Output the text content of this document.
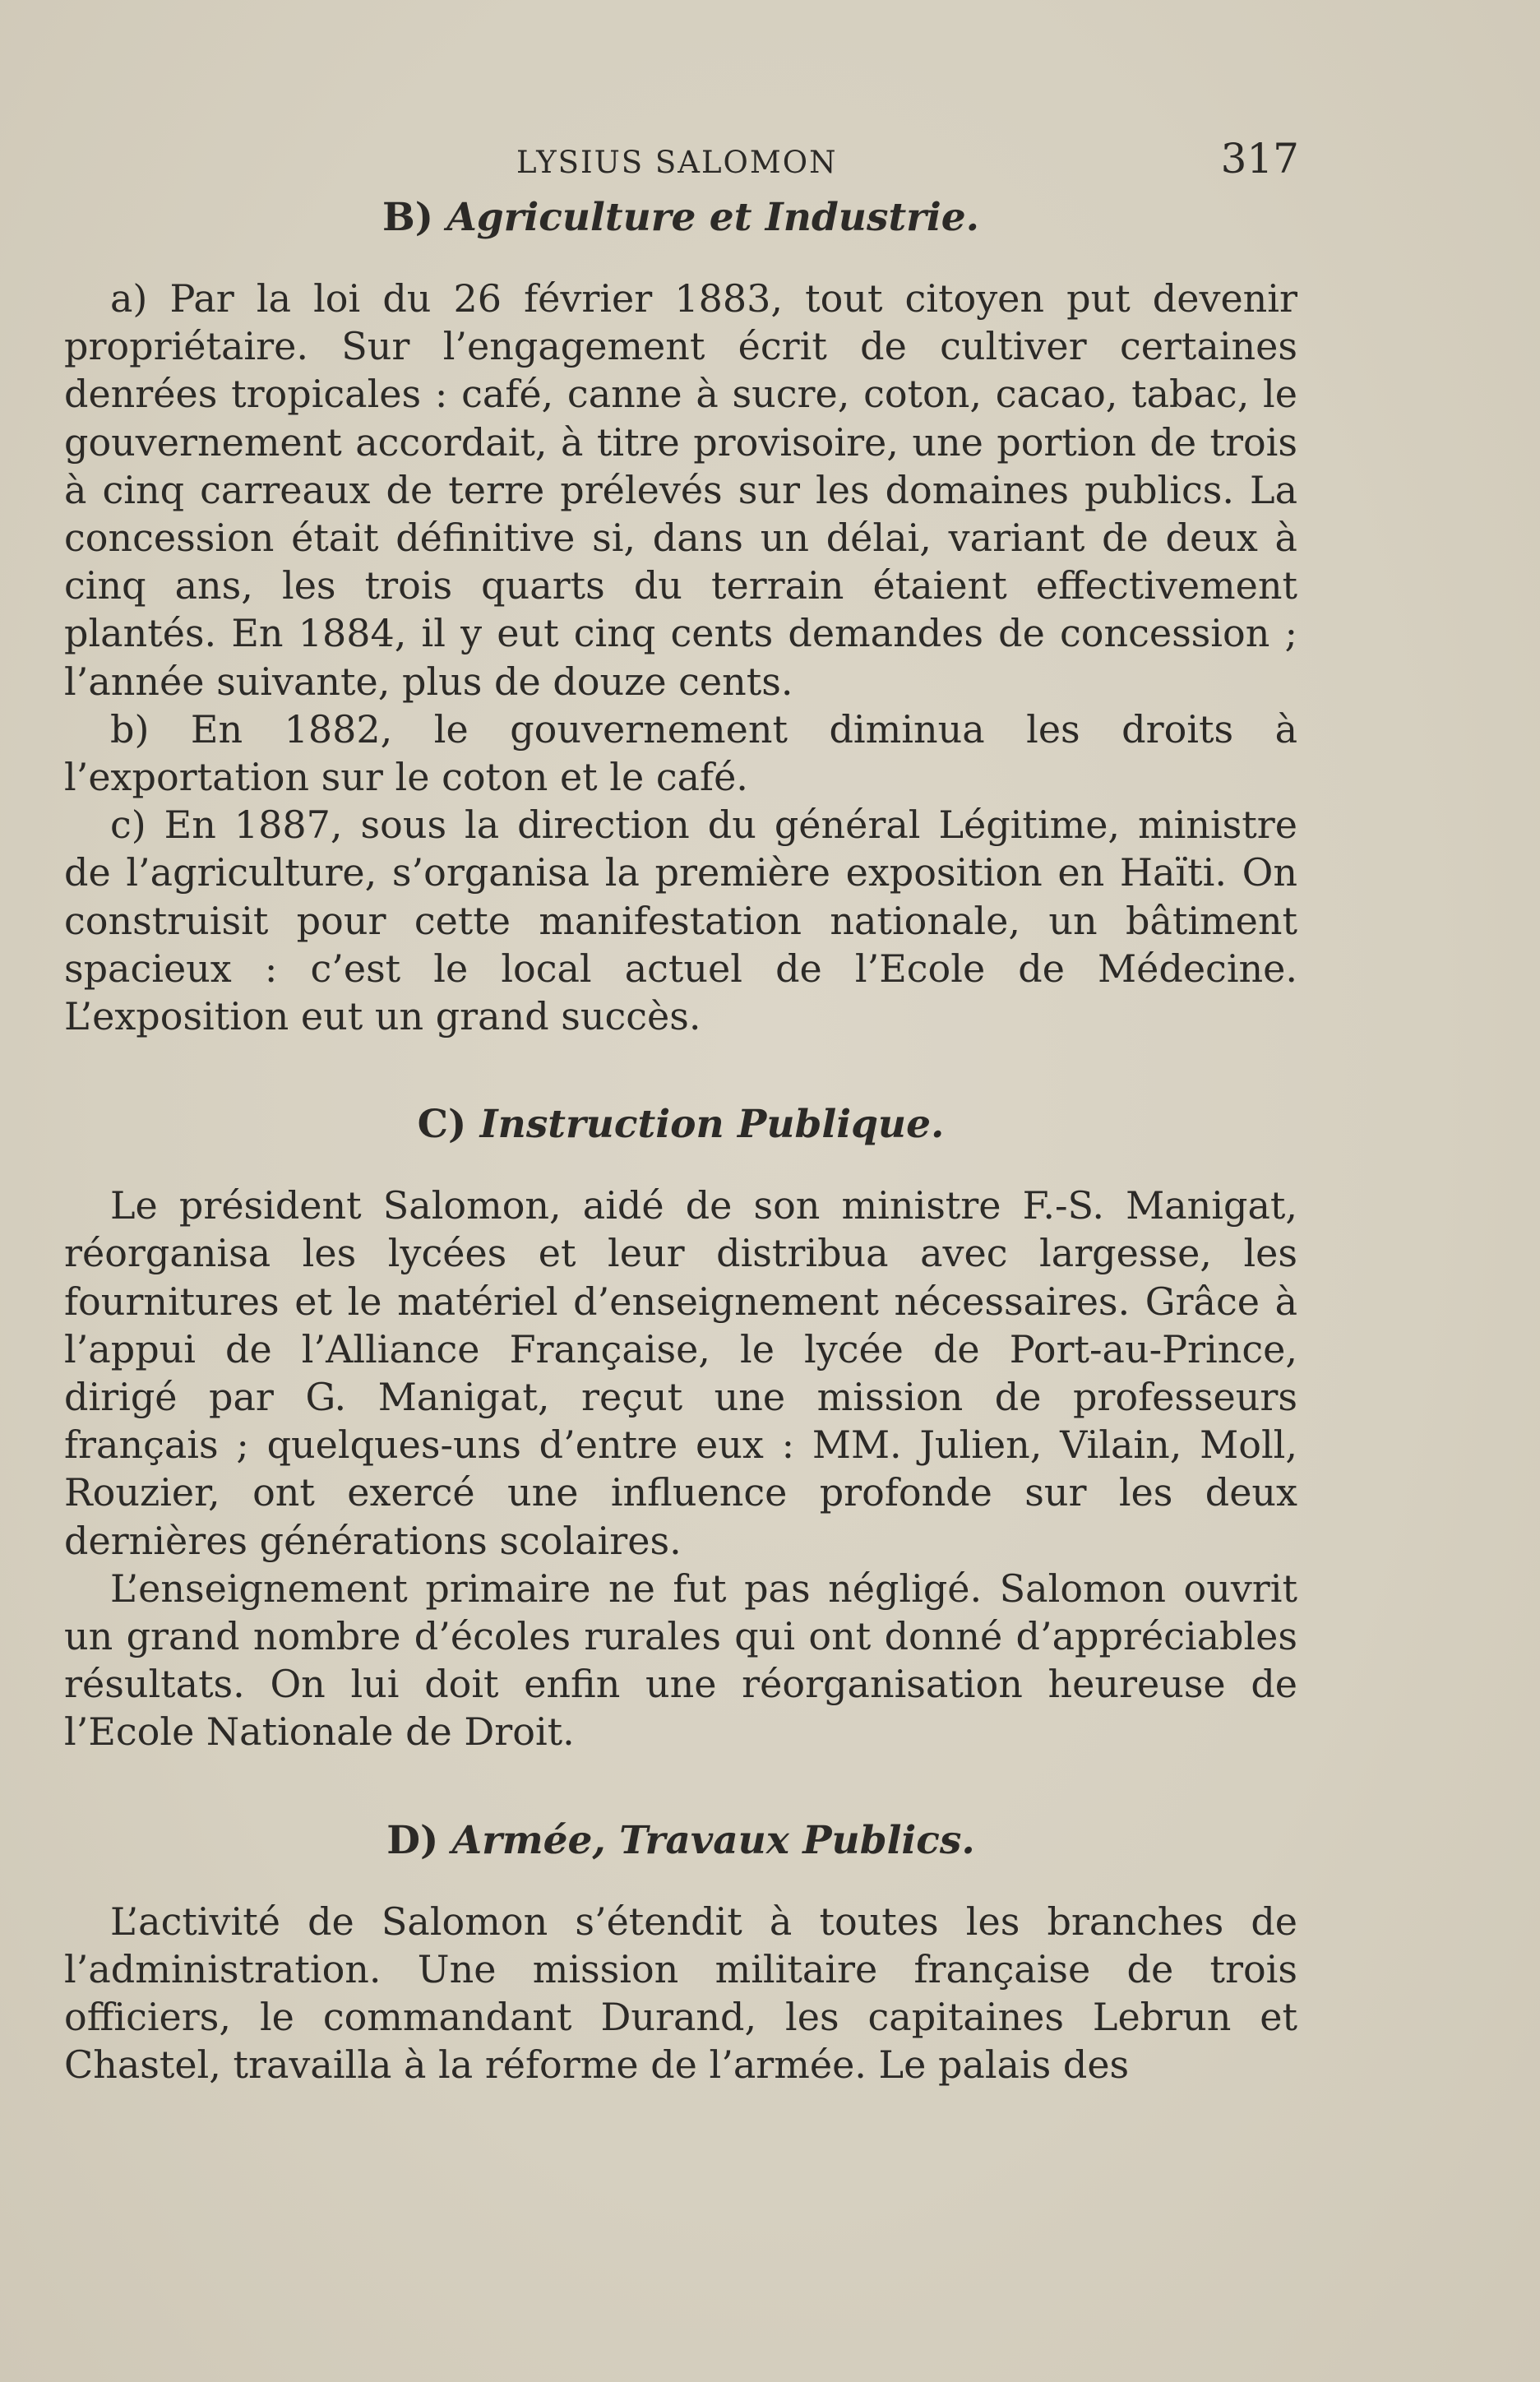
LYSIUS SALOMON	317
B) Agriculture et Industrie.

a) Par la loi du 26 février 1883, tout citoyen put devenir propriétaire. Sur l’engagement écrit de cultiver certaines denrées tropicales : café, canne à sucre, coton, cacao, tabac, le gouvernement accordait, à titre provisoire, une portion de trois à cinq carreaux de terre prélevés sur les domaines publics. La concession était définitive si, dans un délai, variant de deux à cinq ans, les trois quarts du terrain étaient effectivement plantés. En 1884, il y eut cinq cents demandes de concession ; l’année suivante, plus de douze cents.

b) En 1882, le gouvernement diminua les droits à l’exportation sur le coton et le café.

c) En 1887, sous la direction du général Légitime, ministre de l’agriculture, s’organisa la première exposition en Haïti. On construisit pour cette manifestation nationale, un bâtiment spacieux : c’est le local actuel de l’Ecole de Médecine. L’exposition eut un grand succès.

C) Instruction Publique.

Le président Salomon, aidé de son ministre F.-S. Manigat, réorganisa les lycées et leur distribua avec largesse, les fournitures et le matériel d’enseignement nécessaires. Grâce à l’appui de l’Alliance Française, le lycée de Port-au-Prince, dirigé par G. Manigat, reçut une mission de professeurs français ; quelques-uns d’entre eux : MM. Julien, Vilain, Moll, Rouzier, ont exercé une influence profonde sur les deux dernières générations scolaires.

L’enseignement primaire ne fut pas négligé. Salomon ouvrit un grand nombre d’écoles rurales qui ont donné d’appréciables résultats. On lui doit enfin une réorganisation heureuse de l’Ecole Nationale de Droit.

D) Armée, Travaux Publics.

L’activité de Salomon s’étendit à toutes les branches de l’administration. Une mission militaire française de trois officiers, le commandant Durand, les capitaines Lebrun et Chastel, travailla à la réforme de l’armée. Le palais des
